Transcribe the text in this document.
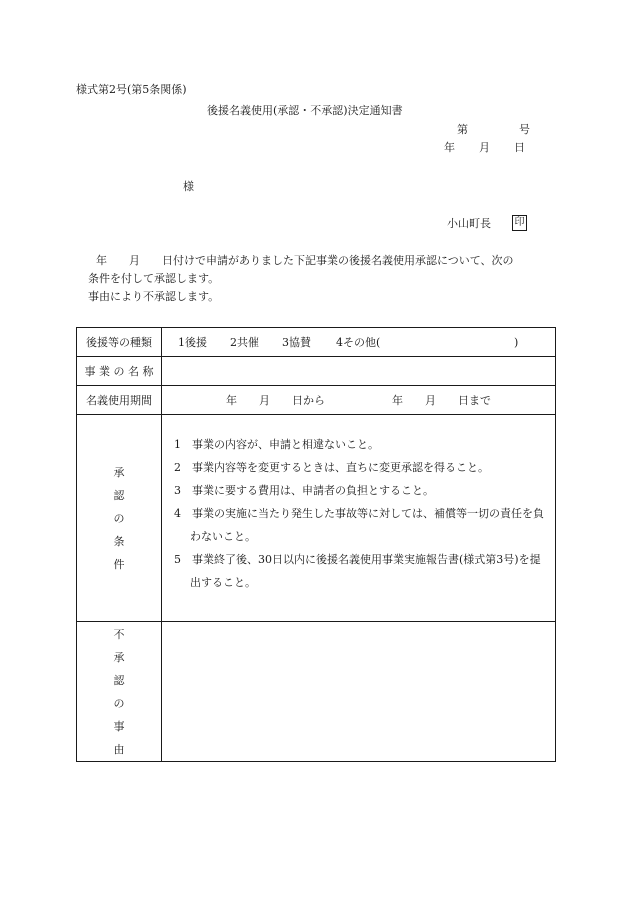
様式第2号(第5条関係)
後援名義使用(承認・不承認)決定通知書
第	号
年 月 日
様
小山町長 印
年　　月　　日付けで申請がありました下記事業の後援名義使用承認について、次の
条件を付して承認します。
事由により不承認します。
後援等の種類	1後援 2共催 3協賛 4その他( )
事 業 の 名 称	
名義使用期間	年　　月　　日から 年　　月　　日まで
承認の条件	1　事業の内容が、申請と相違ないこと。
2　事業内容等を変更するときは、直ちに変更承認を得ること。
3　事業に要する費用は、申請者の負担とすること。
4　事業の実施に当たり発生した事故等に対しては、補償等一切の責任を負わないこと。
5　事業終了後、30日以内に後援名義使用事業実施報告書(様式第3号)を提出すること。

不承認の事由	
